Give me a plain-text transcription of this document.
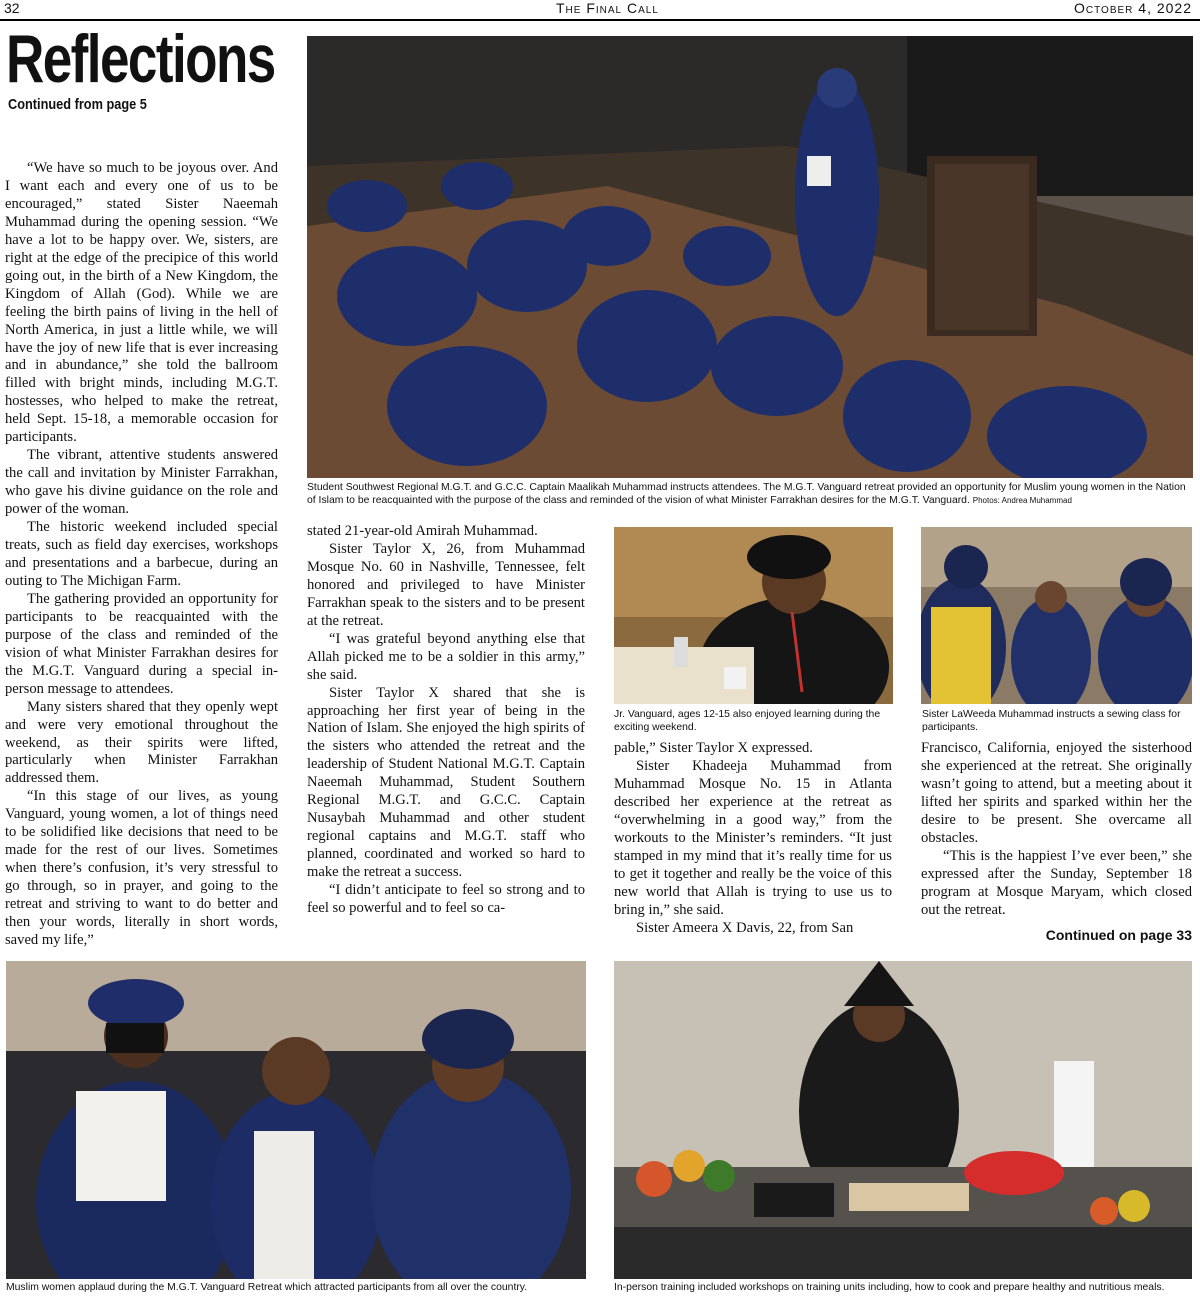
32	The Final Call	October 4, 2022
Reflections
Continued from page 5
Student Southwest Regional M.G.T. and G.C.C. Captain Maalikah Muhammad instructs attendees. The M.G.T. Vanguard retreat provided an opportunity for Muslim young women in the Nation of Islam to be reacquainted with the purpose of the class and reminded of the vision of what Minister Farrakhan desires for the M.G.T. Vanguard. Photos: Andrea Muhammad

“We have so much to be joyous over. And I want each and every one of us to be encouraged,” stated Sister Naeemah Muhammad during the opening session. “We have a lot to be happy over. We, sisters, are right at the edge of the precipice of this world going out, in the birth of a New Kingdom, the Kingdom of Allah (God). While we are feeling the birth pains of living in the hell of North America, in just a little while, we will have the joy of new life that is ever increasing and in abundance,” she told the ballroom filled with bright minds, including M.G.T. hostesses, who helped to make the retreat, held Sept. 15-18, a memorable occasion for participants.

The vibrant, attentive students answered the call and invitation by Minister Farrakhan, who gave his divine guidance on the role and power of the woman.

The historic weekend included special treats, such as field day exercises, workshops and presentations and a barbecue, during an outing to The Michigan Farm.

The gathering provided an opportunity for participants to be reacquainted with the purpose of the class and reminded of the vision of what Minister Farrakhan desires for the M.G.T. Vanguard during a special in-person message to attendees.

Many sisters shared that they openly wept and were very emotional throughout the weekend, as their spirits were lifted, particularly when Minister Farrakhan addressed them.

“In this stage of our lives, as young Vanguard, young women, a lot of things need to be solidified like decisions that need to be made for the rest of our lives. Sometimes when there’s confusion, it’s very stressful to go through, so in prayer, and going to the retreat and striving to want to do better and then your words, literally in short words, saved my life,”

stated 21-year-old Amirah Muhammad.

Sister Taylor X, 26, from Muhammad Mosque No. 60 in Nashville, Tennessee, felt honored and privileged to have Minister Farrakhan speak to the sisters and to be present at the retreat.

“I was grateful beyond anything else that Allah picked me to be a soldier in this army,” she said.

Sister Taylor X shared that she is approaching her first year of being in the Nation of Islam. She enjoyed the high spirits of the sisters who attended the retreat and the leadership of Student National M.G.T. Captain Naeemah Muhammad, Student Southern Regional M.G.T. and G.C.C. Captain Nusaybah Muhammad and other student regional captains and M.G.T. staff who planned, coordinated and worked so hard to make the retreat a success.

“I didn’t anticipate to feel so strong and to feel so powerful and to feel so ca-

Jr. Vanguard, ages 12-15 also enjoyed learning during the exciting weekend.
Sister LaWeeda Muhammad instructs a sewing class for participants.

pable,” Sister Taylor X expressed.

Sister Khadeeja Muhammad from Muhammad Mosque No. 15 in Atlanta described her experience at the retreat as “overwhelming in a good way,” from the workouts to the Minister’s reminders. “It just stamped in my mind that it’s really time for us to get it together and really be the voice of this new world that Allah is trying to use us to bring in,” she said.

Sister Ameera X Davis, 22, from San

Francisco, California, enjoyed the sisterhood she experienced at the retreat. She originally wasn’t going to attend, but a meeting about it lifted her spirits and sparked within her the desire to be present. She overcame all obstacles.

“This is the happiest I’ve ever been,” she expressed after the Sunday, September 18 program at Mosque Maryam, which closed out the retreat.

Continued on page 33
Muslim women applaud during the M.G.T. Vanguard Retreat which attracted participants from all over the country.	In-person training included workshops on training units including, how to cook and prepare healthy and nutritious meals.
